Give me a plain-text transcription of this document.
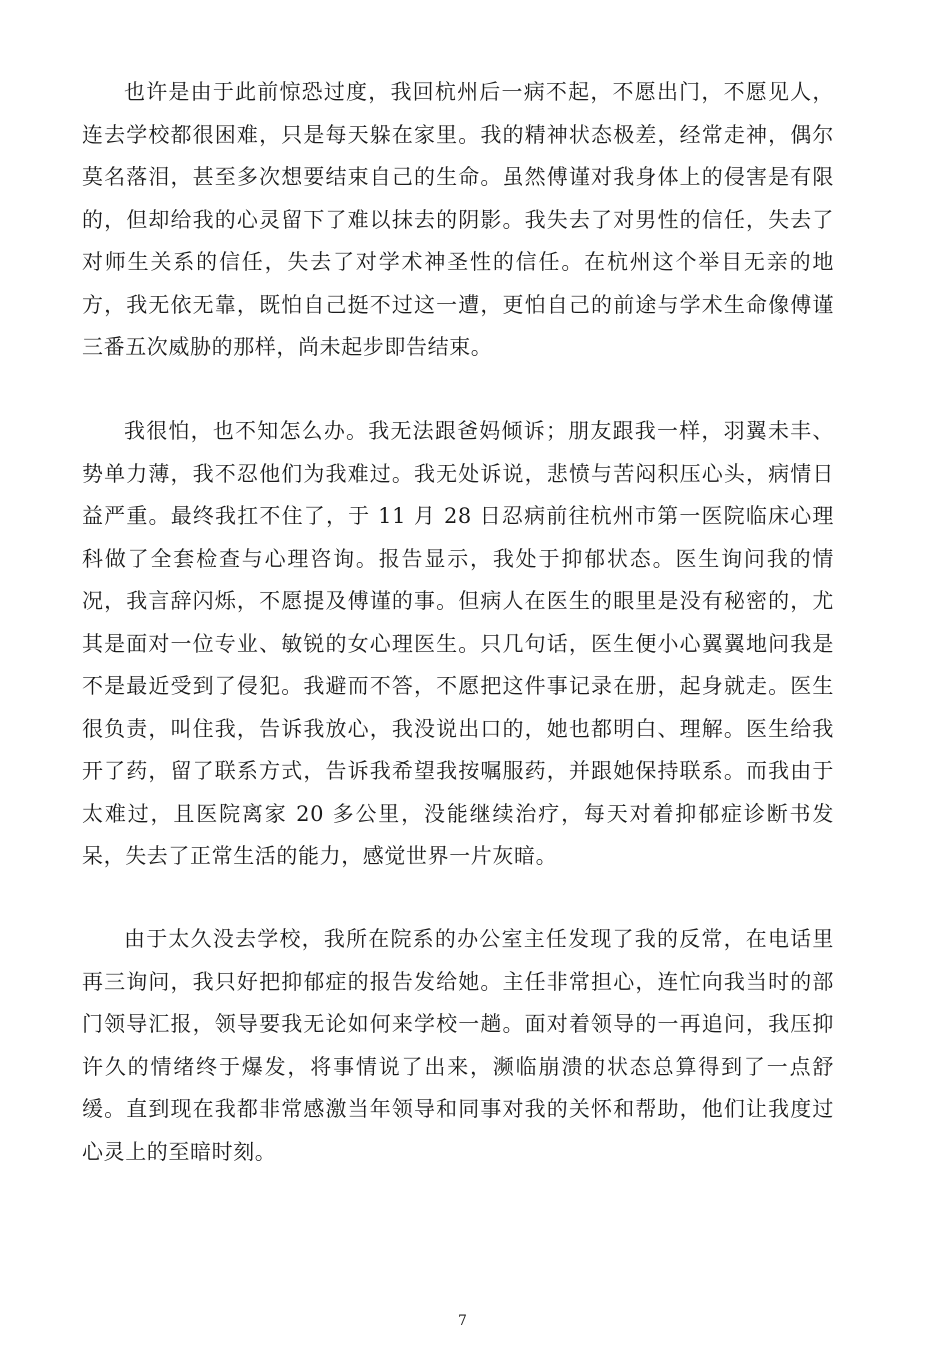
也许是由于此前惊恐过度，我回杭州后一病不起，不愿出门，不愿见人，连去学校都很困难，只是每天躲在家里。我的精神状态极差，经常走神，偶尔莫名落泪，甚至多次想要结束自己的生命。虽然傅谨对我身体上的侵害是有限的，但却给我的心灵留下了难以抹去的阴影。我失去了对男性的信任，失去了对师生关系的信任，失去了对学术神圣性的信任。在杭州这个举目无亲的地方，我无依无靠，既怕自己挺不过这一遭，更怕自己的前途与学术生命像傅谨三番五次威胁的那样，尚未起步即告结束。

我很怕，也不知怎么办。我无法跟爸妈倾诉；朋友跟我一样，羽翼未丰、势单力薄，我不忍他们为我难过。我无处诉说，悲愤与苦闷积压心头，病情日益严重。最终我扛不住了，于 11 月 28 日忍病前往杭州市第一医院临床心理科做了全套检查与心理咨询。报告显示，我处于抑郁状态。医生询问我的情况，我言辞闪烁，不愿提及傅谨的事。但病人在医生的眼里是没有秘密的，尤其是面对一位专业、敏锐的女心理医生。只几句话，医生便小心翼翼地问我是不是最近受到了侵犯。我避而不答，不愿把这件事记录在册，起身就走。医生很负责，叫住我，告诉我放心，我没说出口的，她也都明白、理解。医生给我开了药，留了联系方式，告诉我希望我按嘱服药，并跟她保持联系。而我由于太难过，且医院离家 20 多公里，没能继续治疗，每天对着抑郁症诊断书发呆，失去了正常生活的能力，感觉世界一片灰暗。

由于太久没去学校，我所在院系的办公室主任发现了我的反常，在电话里再三询问，我只好把抑郁症的报告发给她。主任非常担心，连忙向我当时的部门领导汇报，领导要我无论如何来学校一趟。面对着领导的一再追问，我压抑许久的情绪终于爆发，将事情说了出来，濒临崩溃的状态总算得到了一点舒缓。直到现在我都非常感激当年领导和同事对我的关怀和帮助，他们让我度过心灵上的至暗时刻。

7
